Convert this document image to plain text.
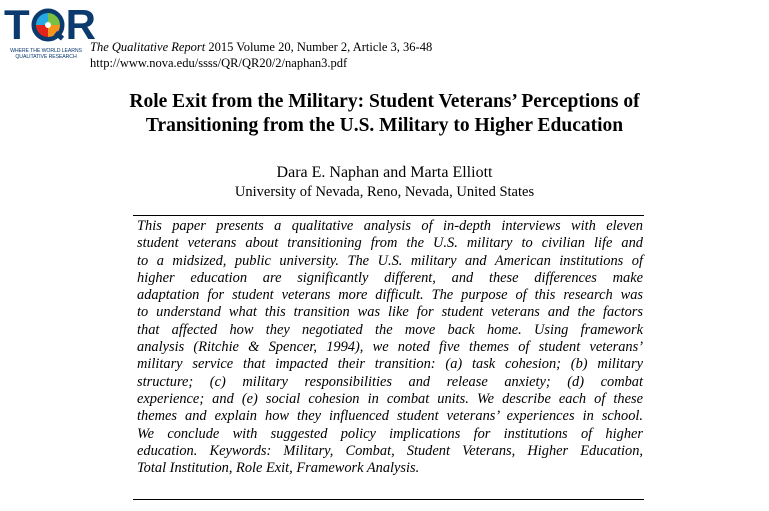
T R
WHERE THE WORLD LEARNS
QUALITATIVE RESEARCH
The Qualitative Report 2015 Volume 20, Number 2, Article 3, 36-48
http://www.nova.edu/ssss/QR/QR20/2/naphan3.pdf
Role Exit from the Military: Student Veterans’ Perceptions of
Transitioning from the U.S. Military to Higher Education
Dara E. Naphan and Marta Elliott
University of Nevada, Reno, Nevada, United States
This paper presents a qualitative analysis of in-depth interviews with eleven
student veterans about transitioning from the U.S. military to civilian life and
to a midsized, public university. The U.S. military and American institutions of
higher education are significantly different, and these differences make
adaptation for student veterans more difficult. The purpose of this research was
to understand what this transition was like for student veterans and the factors
that affected how they negotiated the move back home. Using framework
analysis (Ritchie & Spencer, 1994), we noted five themes of student veterans’
military service that impacted their transition: (a) task cohesion; (b) military
structure; (c) military responsibilities and release anxiety; (d) combat
experience; and (e) social cohesion in combat units. We describe each of these
themes and explain how they influenced student veterans’ experiences in school.
We conclude with suggested policy implications for institutions of higher
education. Keywords: Military, Combat, Student Veterans, Higher Education,
Total Institution, Role Exit, Framework Analysis.
